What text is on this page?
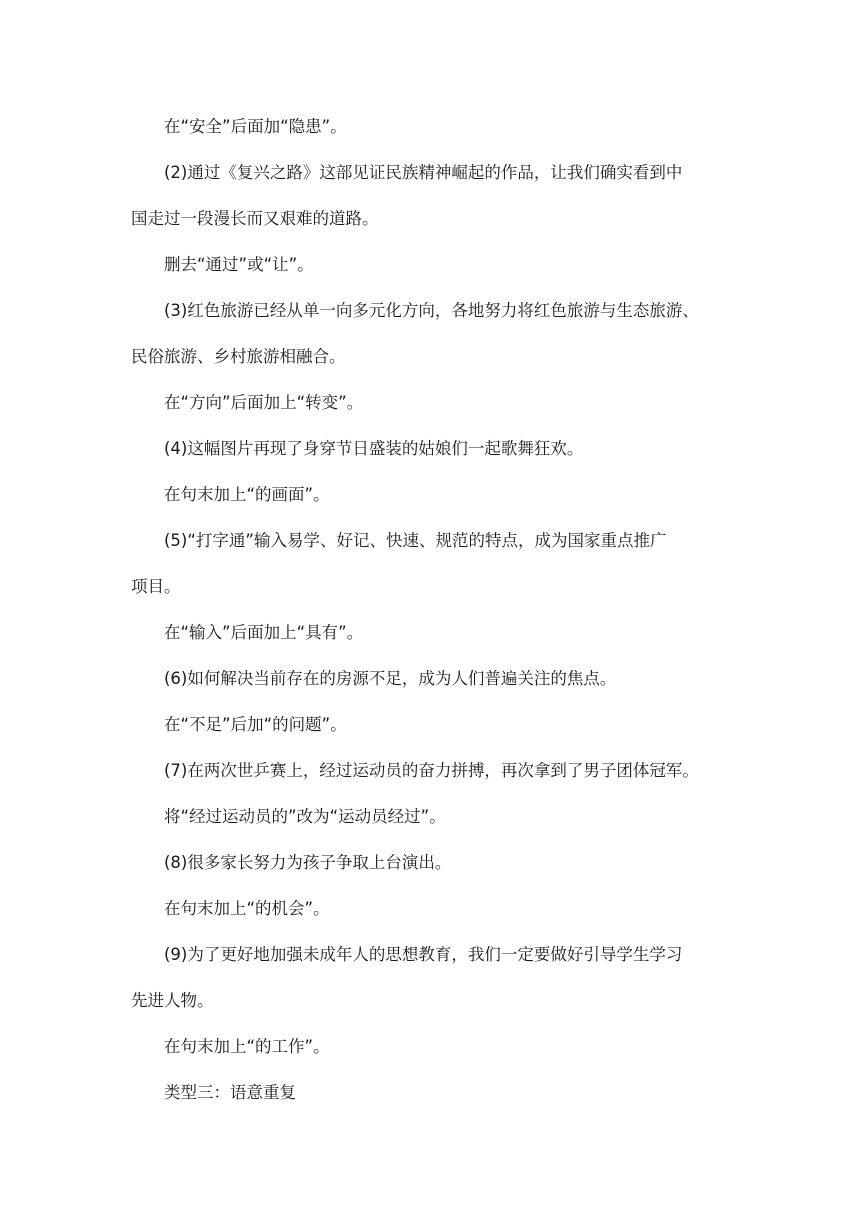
在“安全”后面加“隐患”。
(2)通过《复兴之路》这部见证民族精神崛起的作品，让我们确实看到中
国走过一段漫长而又艰难的道路。
删去“通过”或“让”。
(3)红色旅游已经从单一向多元化方向，各地努力将红色旅游与生态旅游、
民俗旅游、乡村旅游相融合。
在“方向”后面加上“转变”。
(4)这幅图片再现了身穿节日盛装的姑娘们一起歌舞狂欢。
在句末加上“的画面”。
(5)“打字通”输入易学、好记、快速、规范的特点，成为国家重点推广
项目。
在“输入”后面加上“具有”。
(6)如何解决当前存在的房源不足，成为人们普遍关注的焦点。
在“不足”后加“的问题”。
(7)在两次世乒赛上，经过运动员的奋力拼搏，再次拿到了男子团体冠军。
将“经过运动员的”改为“运动员经过”。
(8)很多家长努力为孩子争取上台演出。
在句末加上“的机会”。
(9)为了更好地加强未成年人的思想教育，我们一定要做好引导学生学习
先进人物。
在句末加上“的工作”。
类型三：语意重复
